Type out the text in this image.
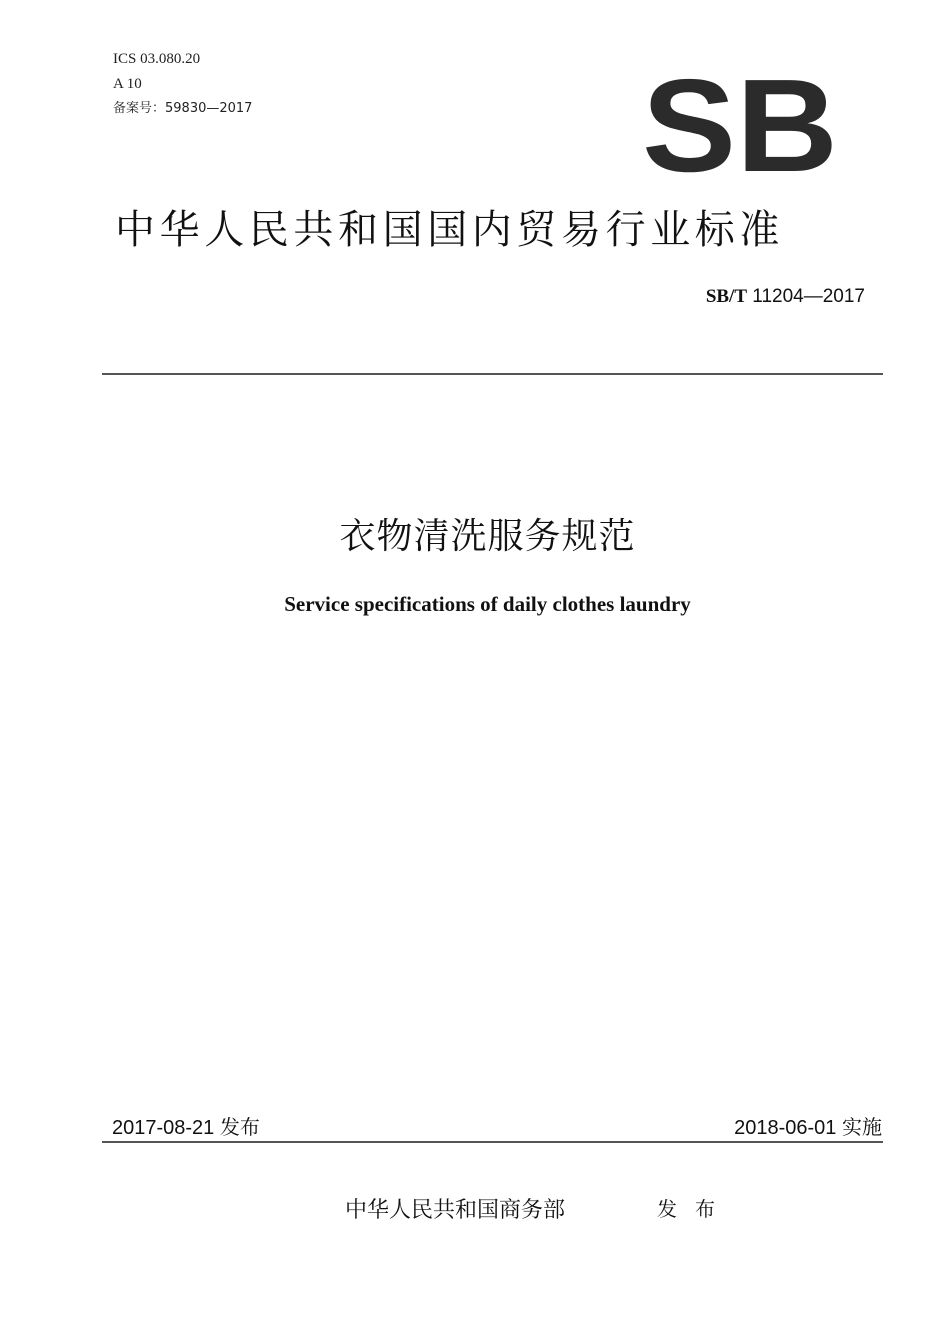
ICS 03.080.20
A 10
备案号：59830—2017	SB
中华人民共和国国内贸易行业标准
SB/T 11204—2017
衣物清洗服务规范
Service specifications of daily clothes laundry
2017-08-21 发布	2018-06-01 实施
中华人民共和国商务部	发布
